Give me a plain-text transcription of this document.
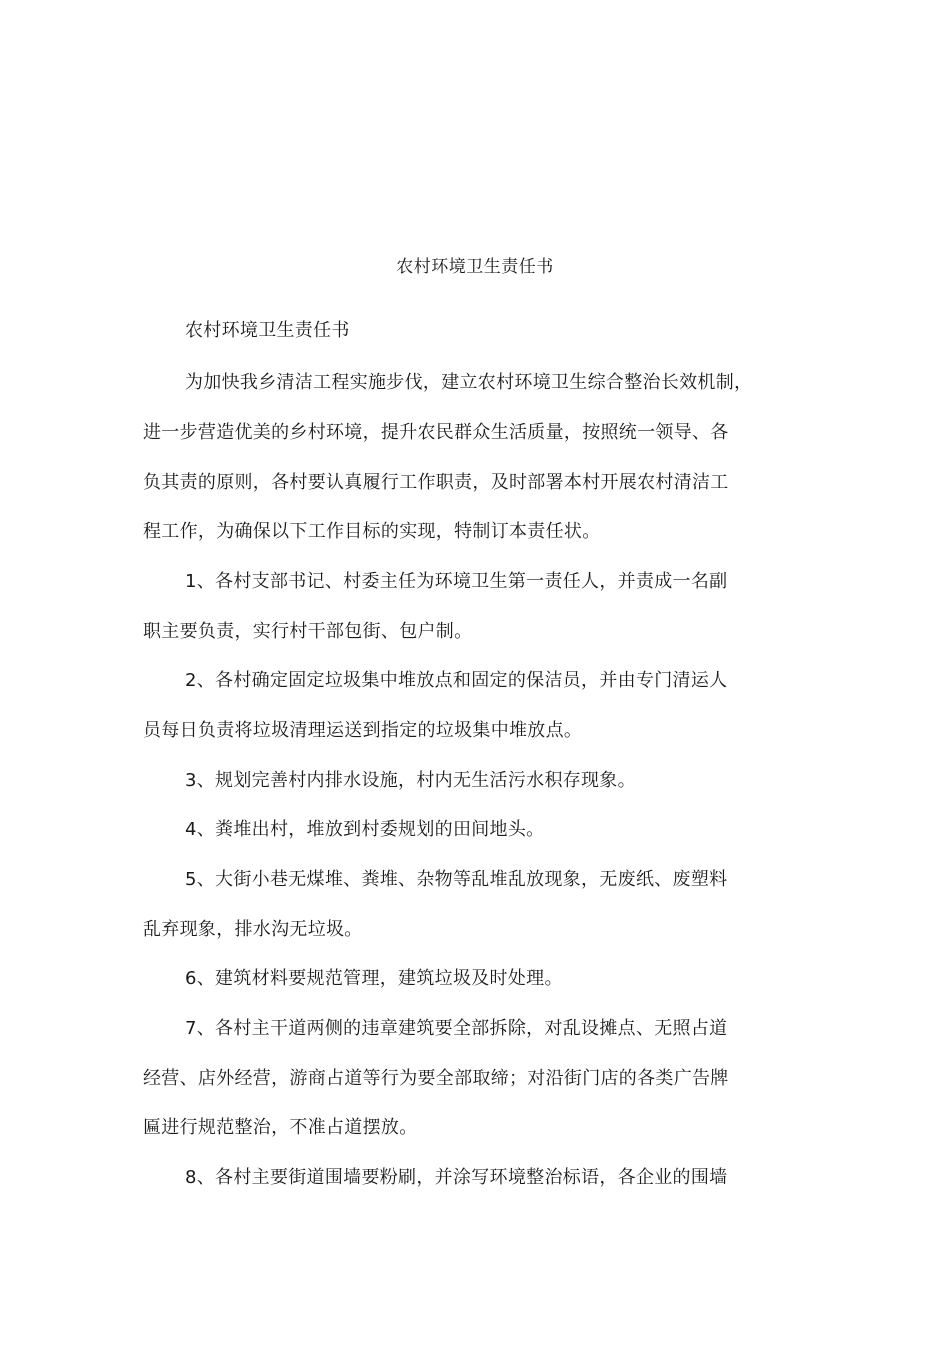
农村环境卫生责任书
农村环境卫生责任书
为加快我乡清洁工程实施步伐，建立农村环境卫生综合整治长效机制，
进一步营造优美的乡村环境，提升农民群众生活质量，按照统一领导、各
负其责的原则，各村要认真履行工作职责，及时部署本村开展农村清洁工
程工作，为确保以下工作目标的实现，特制订本责任状。
1、各村支部书记、村委主任为环境卫生第一责任人，并责成一名副
职主要负责，实行村干部包街、包户制。
2、各村确定固定垃圾集中堆放点和固定的保洁员，并由专门清运人
员每日负责将垃圾清理运送到指定的垃圾集中堆放点。
3、规划完善村内排水设施，村内无生活污水积存现象。
4、粪堆出村，堆放到村委规划的田间地头。
5、大街小巷无煤堆、粪堆、杂物等乱堆乱放现象，无废纸、废塑料
乱弃现象，排水沟无垃圾。
6、建筑材料要规范管理，建筑垃圾及时处理。
7、各村主干道两侧的违章建筑要全部拆除，对乱设摊点、无照占道
经营、店外经营，游商占道等行为要全部取缔；对沿街门店的各类广告牌
匾进行规范整治，不准占道摆放。
8、各村主要街道围墙要粉刷，并涂写环境整治标语，各企业的围墙
